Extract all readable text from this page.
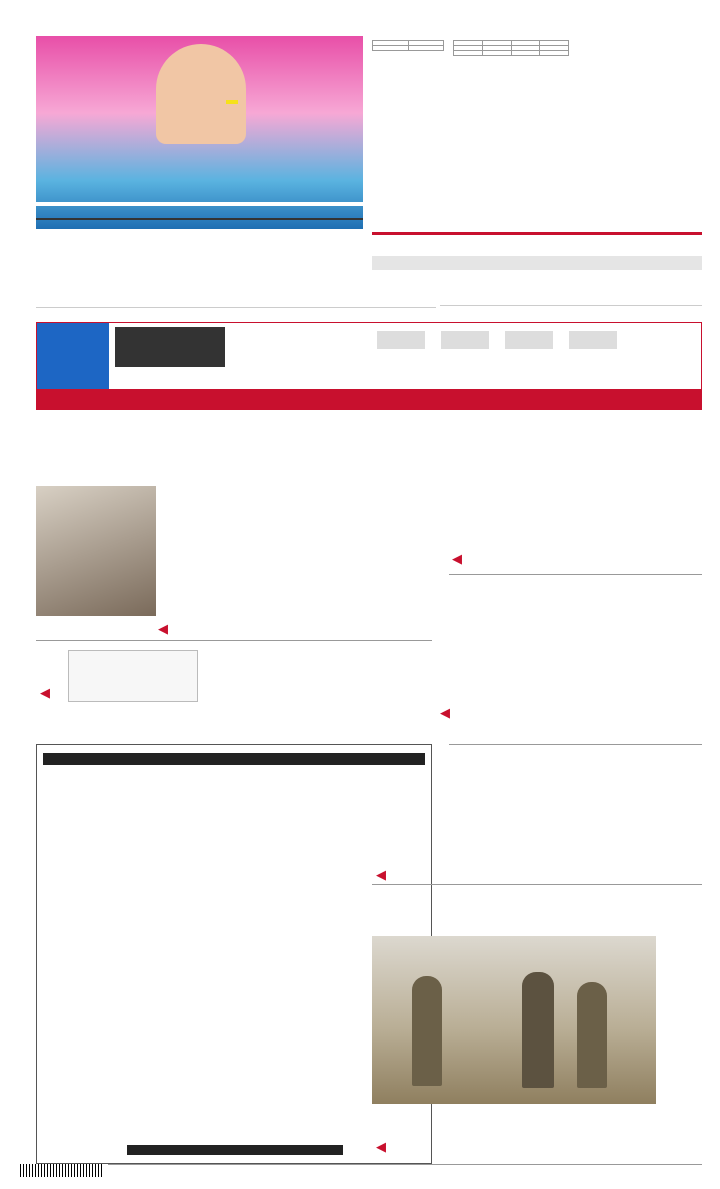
◀
◀
◀
◀
◀
◀
